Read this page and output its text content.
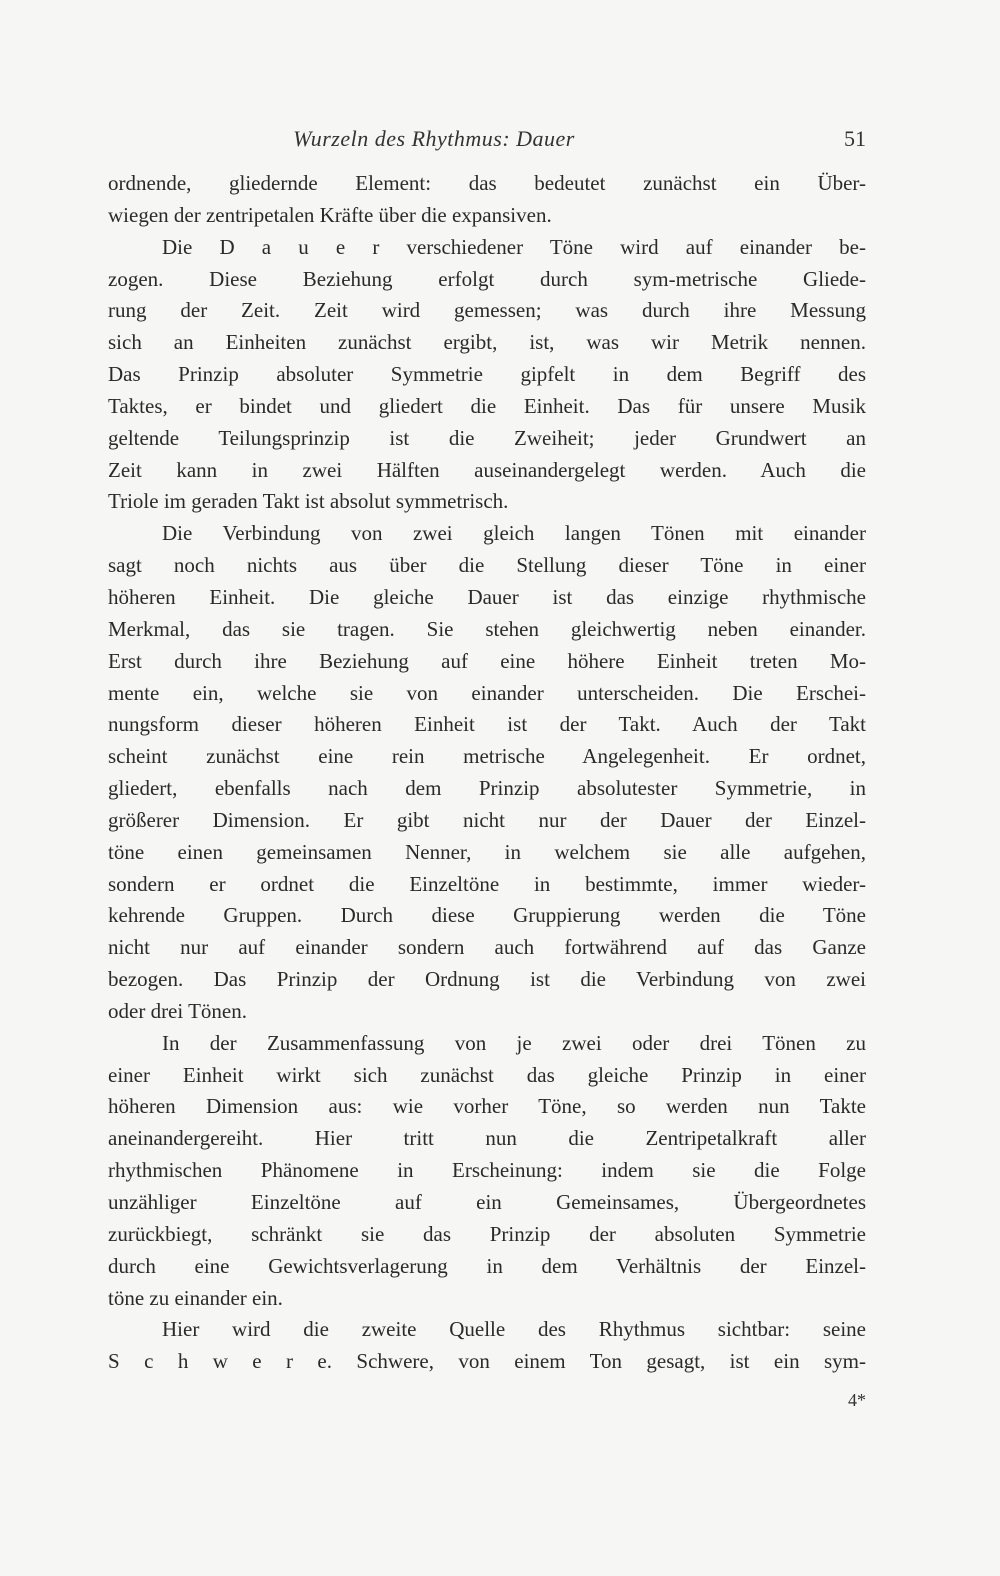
Wurzeln des Rhythmus: Dauer	51
ordnende, gliedernde Element: das bedeutet zunächst ein Über-
wiegen der zentripetalen Kräfte über die expansiven.
Die D a u e r verschiedener Töne wird auf einander be-
zogen. Diese Beziehung erfolgt durch sym-metrische Gliede-
rung der Zeit. Zeit wird gemessen; was durch ihre Messung
sich an Einheiten zunächst ergibt, ist, was wir Metrik nennen.
Das Prinzip absoluter Symmetrie gipfelt in dem Begriff des
Taktes, er bindet und gliedert die Einheit. Das für unsere Musik
geltende Teilungsprinzip ist die Zweiheit; jeder Grundwert an
Zeit kann in zwei Hälften auseinandergelegt werden. Auch die
Triole im geraden Takt ist absolut symmetrisch.
Die Verbindung von zwei gleich langen Tönen mit einander
sagt noch nichts aus über die Stellung dieser Töne in einer
höheren Einheit. Die gleiche Dauer ist das einzige rhythmische
Merkmal, das sie tragen. Sie stehen gleichwertig neben einander.
Erst durch ihre Beziehung auf eine höhere Einheit treten Mo-
mente ein, welche sie von einander unterscheiden. Die Erschei-
nungsform dieser höheren Einheit ist der Takt. Auch der Takt
scheint zunächst eine rein metrische Angelegenheit. Er ordnet,
gliedert, ebenfalls nach dem Prinzip absolutester Symmetrie, in
größerer Dimension. Er gibt nicht nur der Dauer der Einzel-
töne einen gemeinsamen Nenner, in welchem sie alle aufgehen,
sondern er ordnet die Einzeltöne in bestimmte, immer wieder-
kehrende Gruppen. Durch diese Gruppierung werden die Töne
nicht nur auf einander sondern auch fortwährend auf das Ganze
bezogen. Das Prinzip der Ordnung ist die Verbindung von zwei
oder drei Tönen.
In der Zusammenfassung von je zwei oder drei Tönen zu
einer Einheit wirkt sich zunächst das gleiche Prinzip in einer
höheren Dimension aus: wie vorher Töne, so werden nun Takte
aneinandergereiht. Hier tritt nun die Zentripetalkraft aller
rhythmischen Phänomene in Erscheinung: indem sie die Folge
unzähliger Einzeltöne auf ein Gemeinsames, Übergeordnetes
zurückbiegt, schränkt sie das Prinzip der absoluten Symmetrie
durch eine Gewichtsverlagerung in dem Verhältnis der Einzel-
töne zu einander ein.
Hier wird die zweite Quelle des Rhythmus sichtbar: seine
S c h w e r e. Schwere, von einem Ton gesagt, ist ein sym-
4*
